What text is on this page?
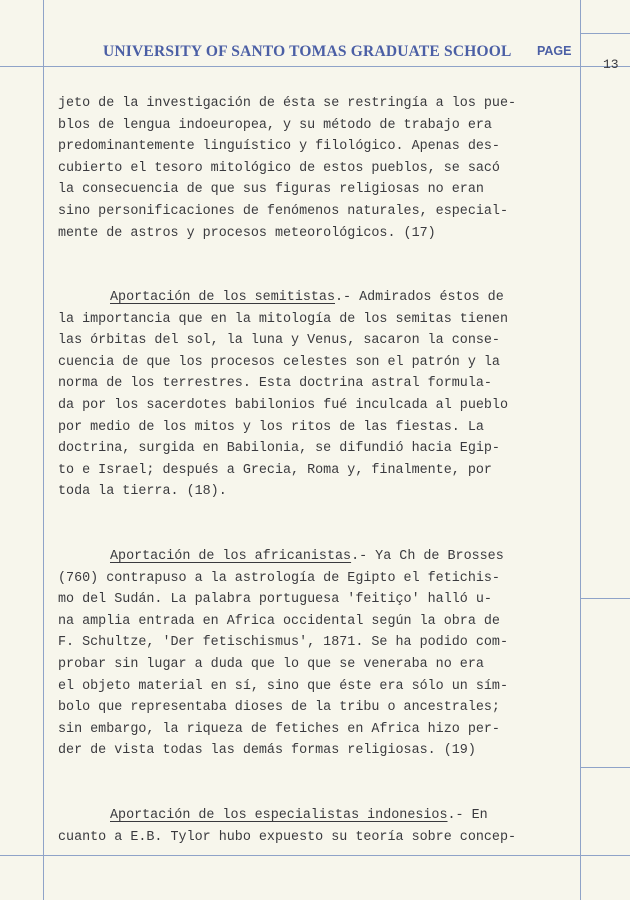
UNIVERSITY OF SANTO TOMAS GRADUATE SCHOOL PAGE
13
jeto de la investigación de ésta se restringía a los pue-
blos de lengua indoeuropea, y su método de trabajo era
predominantemente linguístico y filológico. Apenas des-
cubierto el tesoro mitológico de estos pueblos, se sacó
la consecuencia de que sus figuras religiosas no eran
sino personificaciones de fenómenos naturales, especial-
mente de astros y procesos meteorológicos. (17)
Aportación de los semitistas.- Admirados éstos de
la importancia que en la mitología de los semitas tienen
las órbitas del sol, la luna y Venus, sacaron la conse-
cuencia de que los procesos celestes son el patrón y la
norma de los terrestres. Esta doctrina astral formula-
da por los sacerdotes babilonios fué inculcada al pueblo
por medio de los mitos y los ritos de las fiestas. La
doctrina, surgida en Babilonia, se difundió hacia Egip-
to e Israel; después a Grecia, Roma y, finalmente, por
toda la tierra. (18).
Aportación de los africanistas.- Ya Ch de Brosses
(760) contrapuso a la astrología de Egipto el fetichis-
mo del Sudán. La palabra portuguesa 'feitiço' halló u-
na amplia entrada en Africa occidental según la obra de
F. Schultze, 'Der fetischismus', 1871. Se ha podido com-
probar sin lugar a duda que lo que se veneraba no era
el objeto material en sí, sino que éste era sólo un sím-
bolo que representaba dioses de la tribu o ancestrales;
sin embargo, la riqueza de fetiches en Africa hizo per-
der de vista todas las demás formas religiosas. (19)
Aportación de los especialistas indonesios.- En
cuanto a E.B. Tylor hubo expuesto su teoría sobre concep-
